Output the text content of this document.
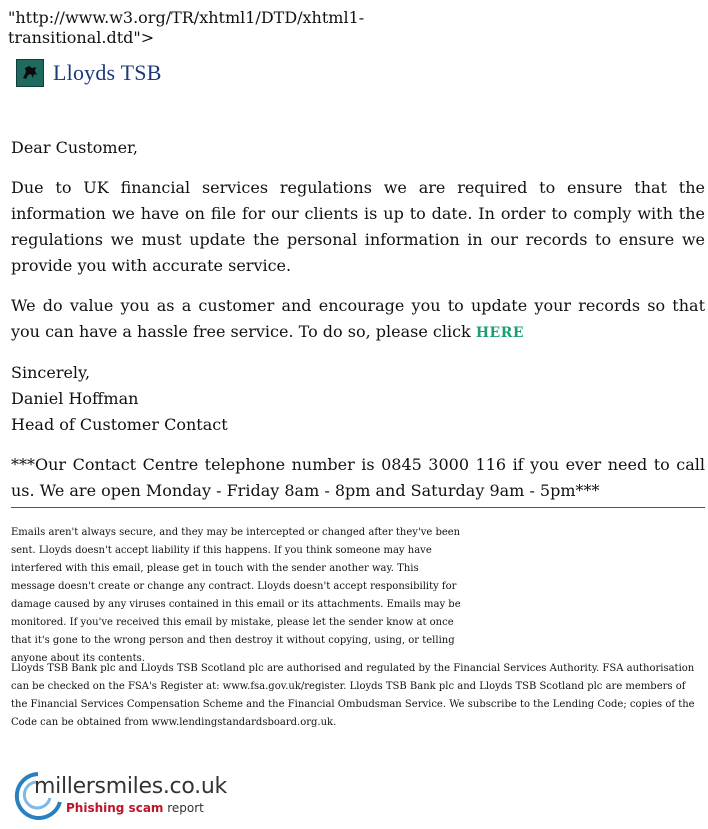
"http://www.w3.org/TR/xhtml1/DTD/xhtml1-transitional.dtd">
Lloyds TSB

Dear Customer,

Due to UK financial services regulations we are required to ensure that the information we have on file for our clients is up to date. In order to comply with the regulations we must update the personal information in our records to ensure we provide you with accurate service.

We do value you as a customer and encourage you to update your records so that you can have a hassle free service. To do so, please click HERE

Sincerely,
Daniel Hoffman
Head of Customer Contact

***Our Contact Centre telephone number is 0845 3000 116 if you ever need to call us. We are open Monday - Friday 8am - 8pm and Saturday 9am - 5pm***

Emails aren't always secure, and they may be intercepted or changed after they've been sent. Lloyds doesn't accept liability if this happens. If you think someone may have interfered with this email, please get in touch with the sender another way. This message doesn't create or change any contract. Lloyds doesn't accept responsibility for damage caused by any viruses contained in this email or its attachments. Emails may be monitored. If you've received this email by mistake, please let the sender know at once that it's gone to the wrong person and then destroy it without copying, using, or telling anyone about its contents.
Lloyds TSB Bank plc and Lloyds TSB Scotland plc are authorised and regulated by the Financial Services Authority. FSA authorisation can be checked on the FSA's Register at: www.fsa.gov.uk/register. Lloyds TSB Bank plc and Lloyds TSB Scotland plc are members of the Financial Services Compensation Scheme and the Financial Ombudsman Service. We subscribe to the Lending Code; copies of the Code can be obtained from www.lendingstandardsboard.org.uk.
millersmiles.co.uk
Phishing scam report
